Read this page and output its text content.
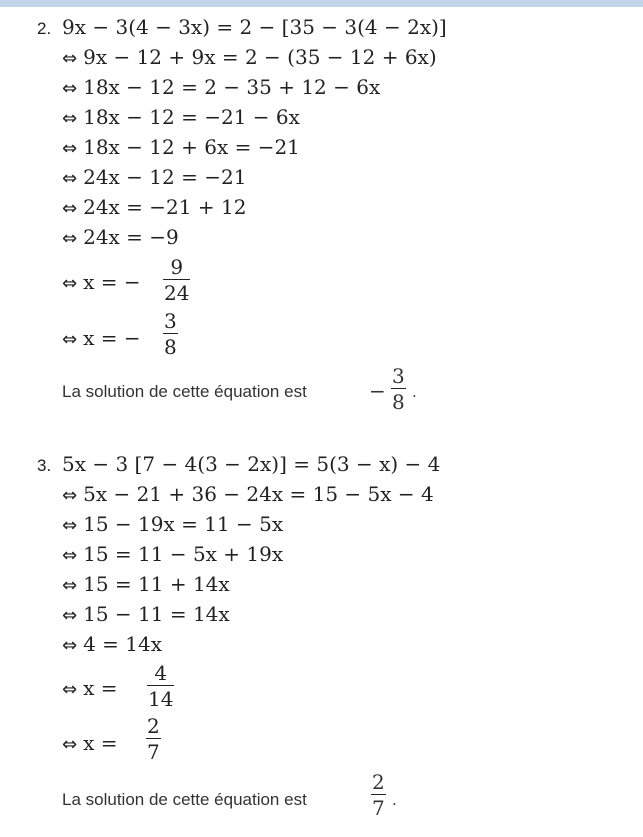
2. 9x − 3(4 − 3x) = 2 − [35 − 3(4 − 2x)]
⇔ 9x − 12 + 9x = 2 − (35 − 12 + 6x)
⇔ 18x − 12 = 2 − 35 + 12 − 6x
⇔ 18x − 12 = −21 − 6x
⇔ 18x − 12 + 6x = −21
⇔ 24x − 12 = −21
⇔ 24x = −21 + 12
⇔ 24x = −9
⇔ x = − $\frac{9}{24}$
⇔ x = − $\frac{3}{8}$
La solution de cette équation est	− $\frac{3}{8}$ .
3. 5x − 3 [7 − 4(3 − 2x)] = 5(3 − x) − 4
⇔ 5x − 21 + 36 − 24x = 15 − 5x − 4
⇔ 15 − 19x = 11 − 5x
⇔ 15 = 11 − 5x + 19x
⇔ 15 = 11 + 14x
⇔ 15 − 11 = 14x
⇔ 4 = 14x
⇔ $x = \frac{4}{14}$
⇔ $x = \frac{2}{7}$
La solution de cette équation est	$\frac{2}{7}$ .
